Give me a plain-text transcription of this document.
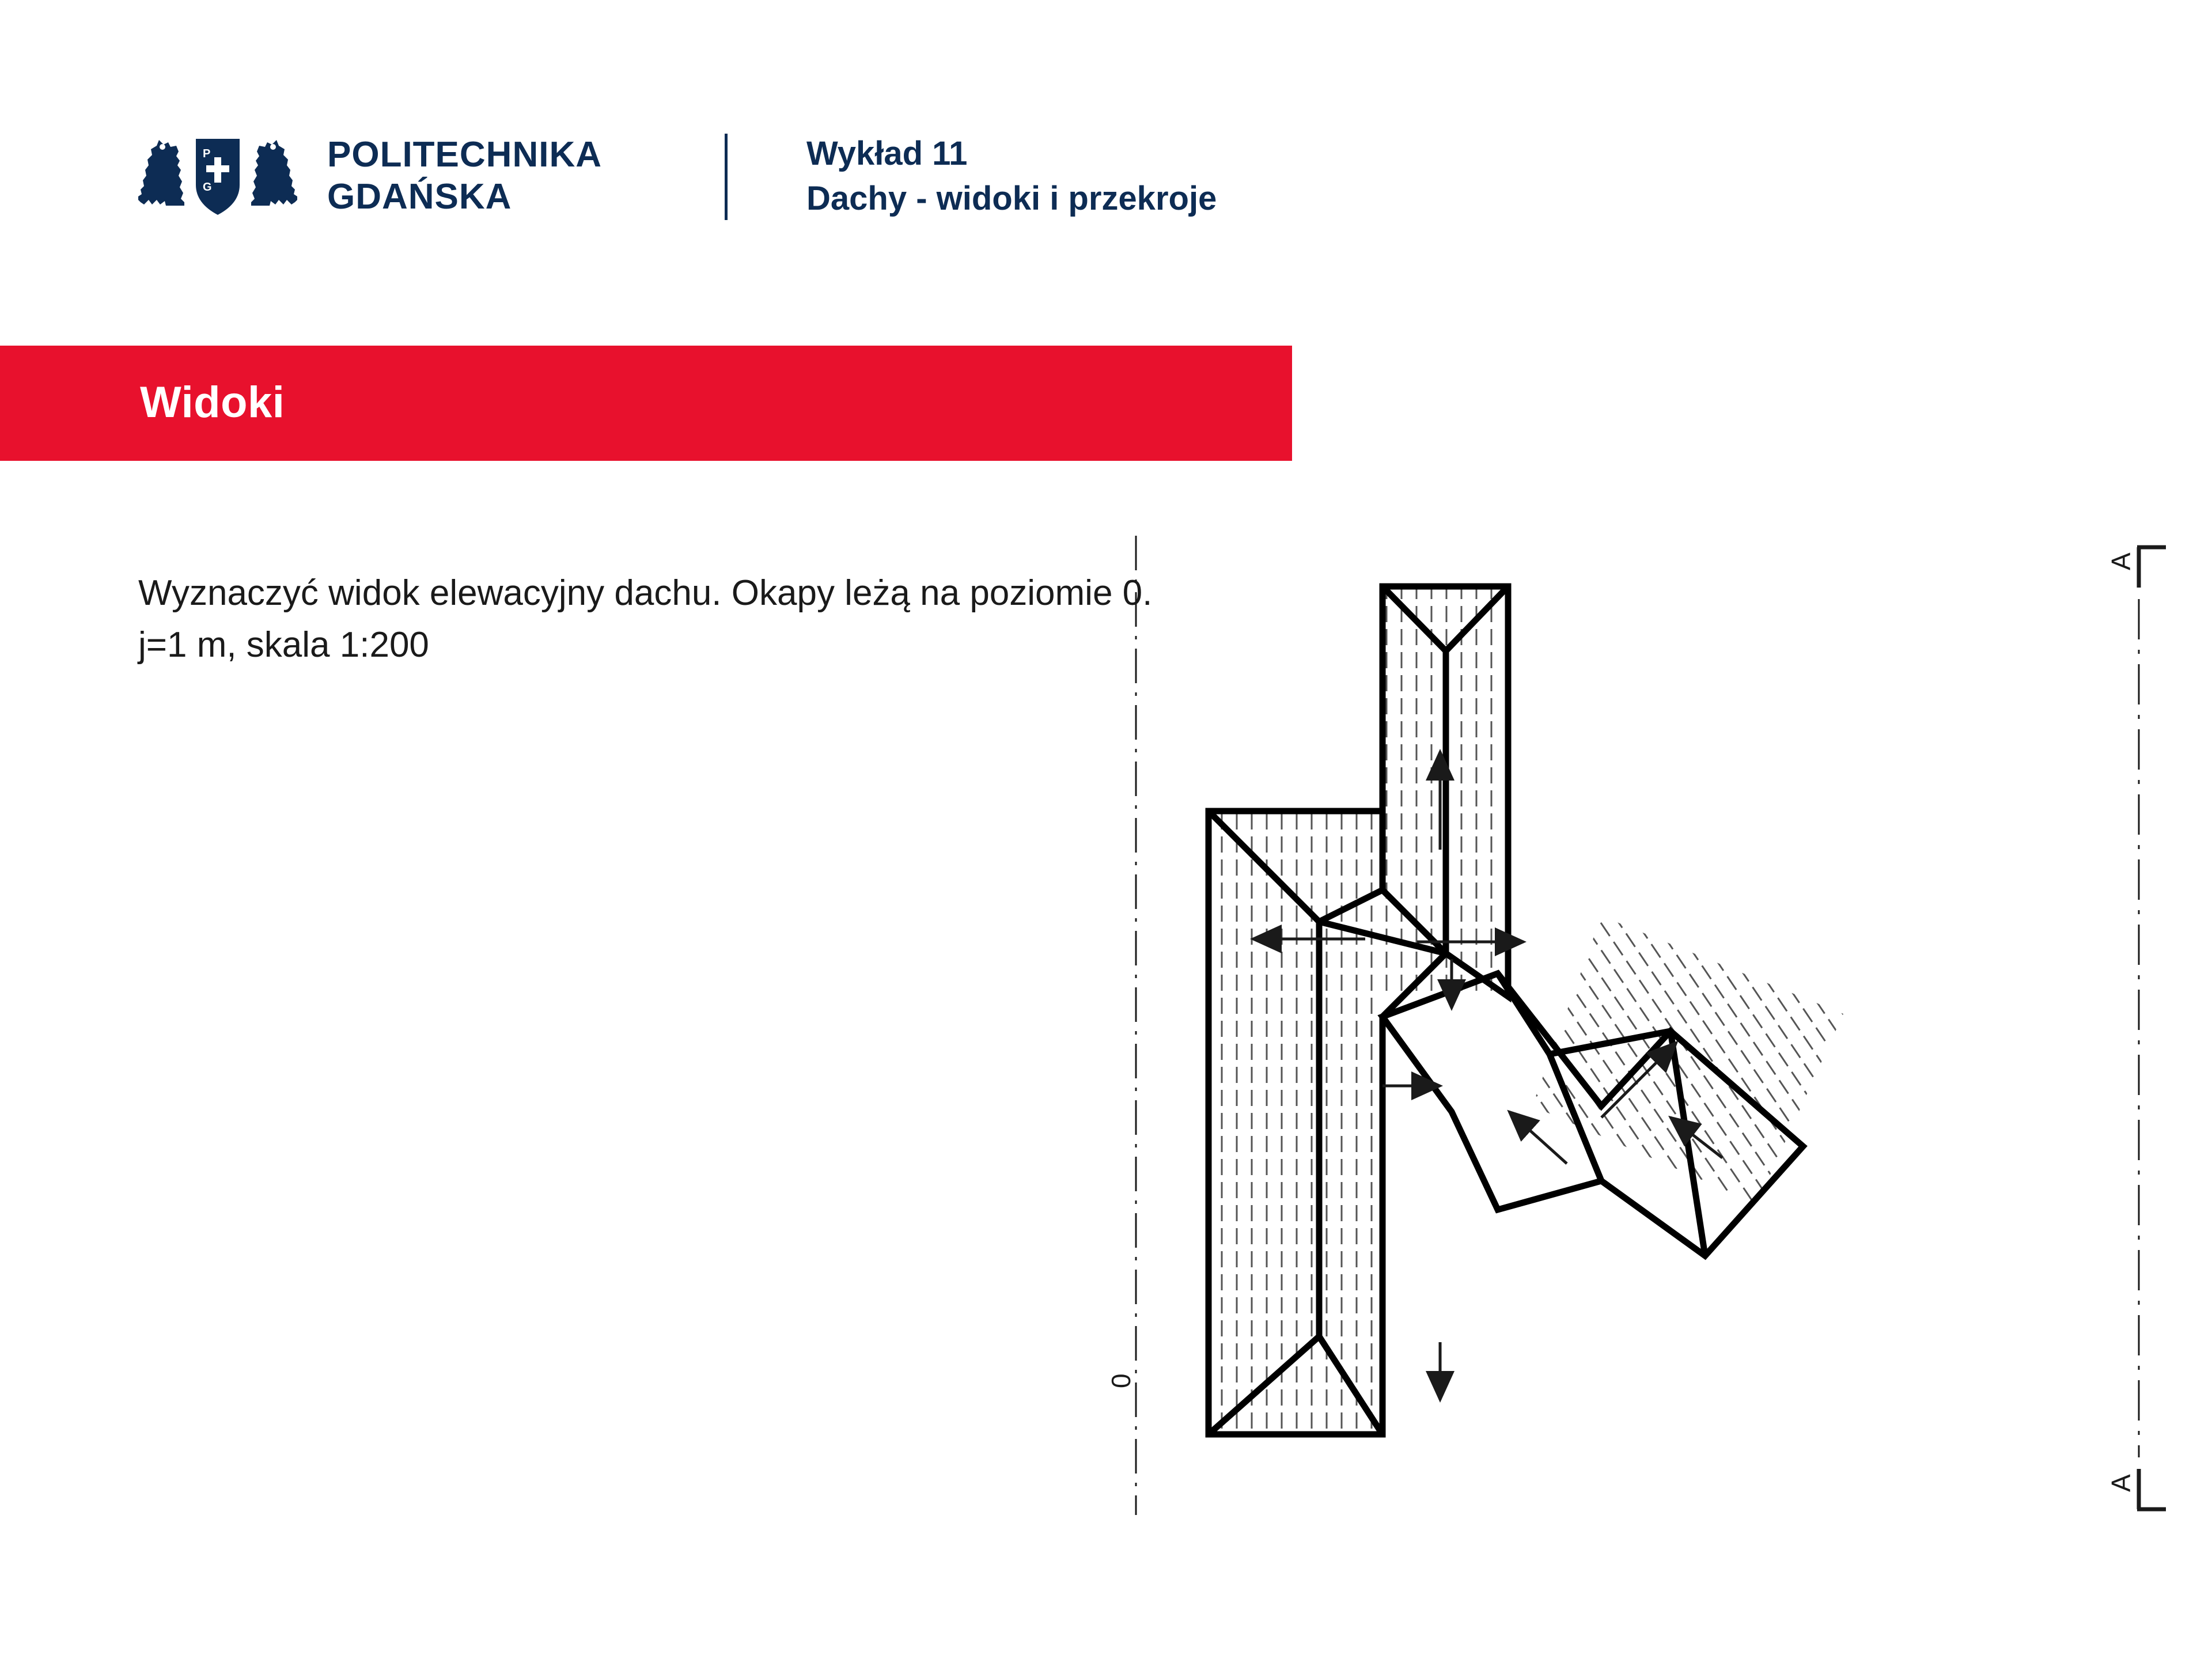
P
G
POLITECHNIKA
GDAŃSKA
Wykład 11
Dachy - widoki i przekroje
Widoki
Wyznaczyć widok elewacyjny dachu. Okapy leżą na poziomie 0.
j=1 m, skala 1:200
0
A
A
